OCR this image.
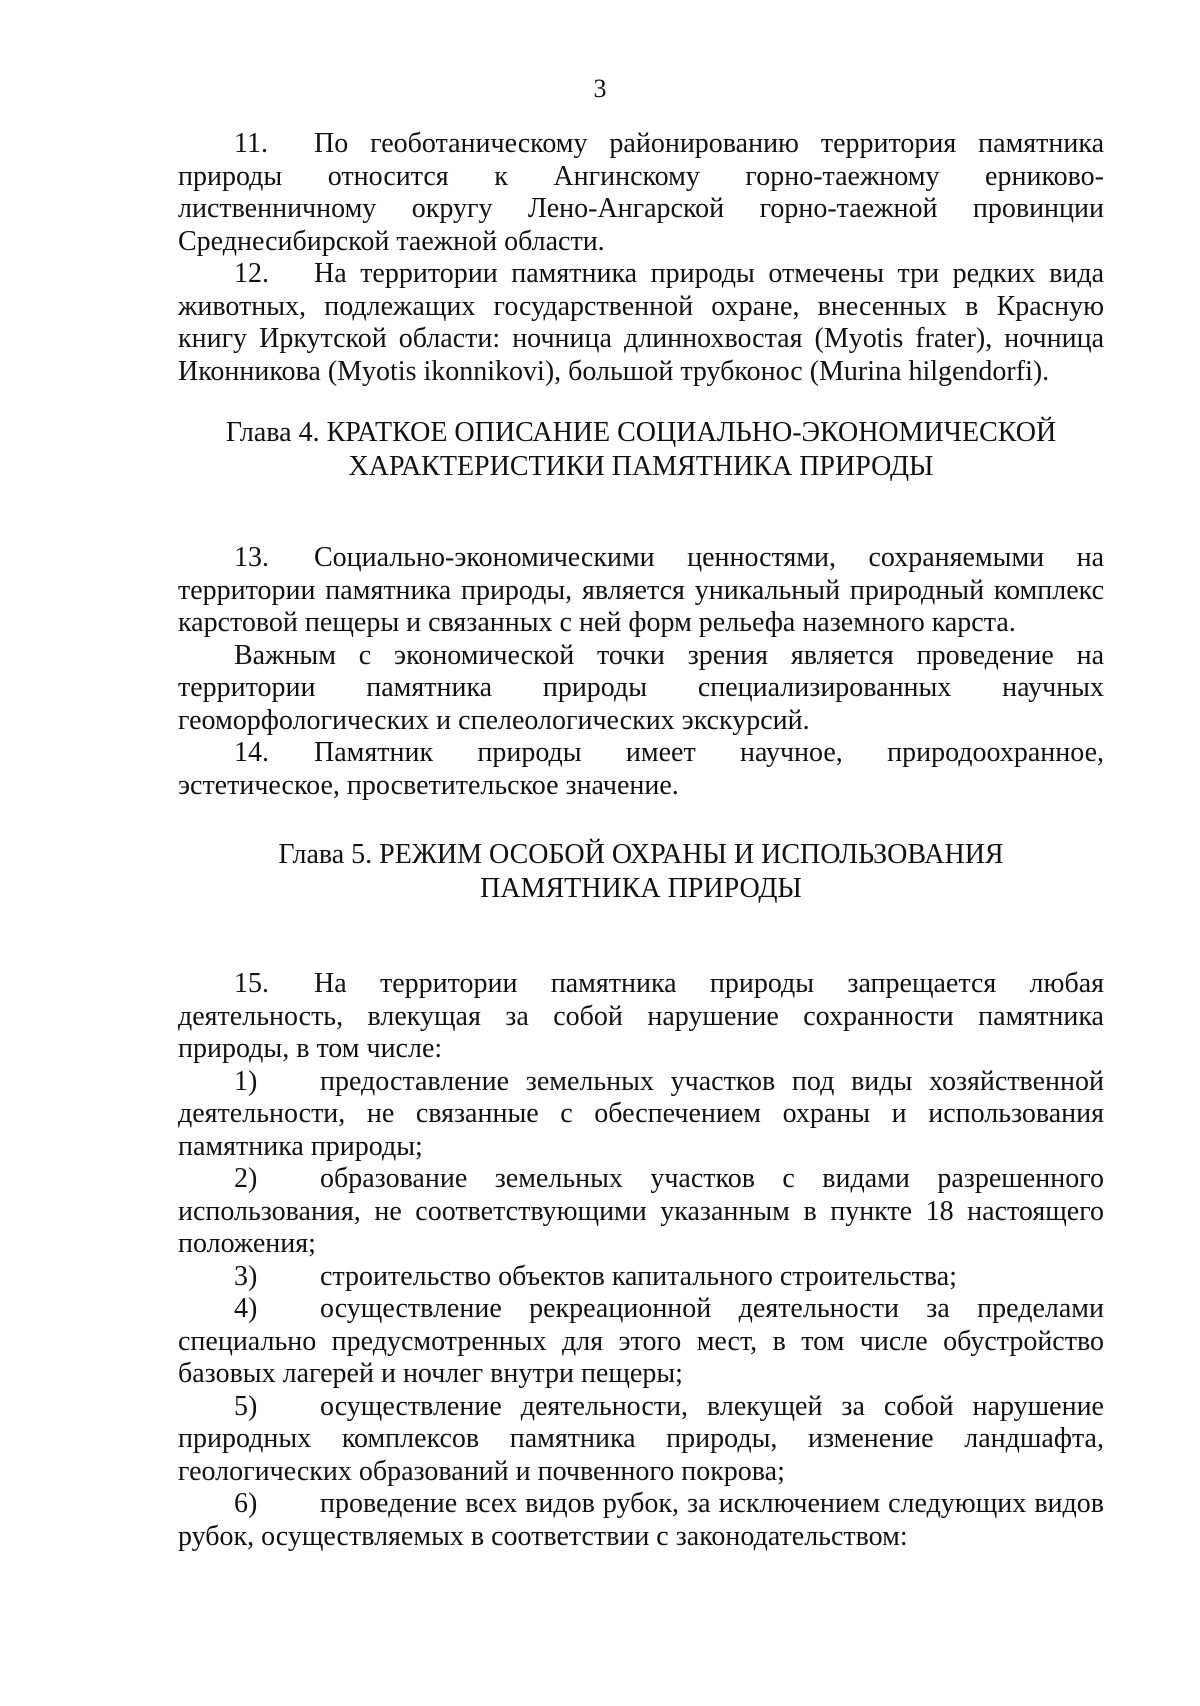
3

11. По геоботаническому районированию территория памятника природы относится к Ангинскому горно-таежному ерниково-лиственничному округу Лено-Ангарской горно-таежной провинции Среднесибирской таежной области.

12. На территории памятника природы отмечены три редких вида животных, подлежащих государственной охране, внесенных в Красную книгу Иркутской области: ночница длиннохвостая (Myotis frater), ночница Иконникова (Myotis ikonnikovi), большой трубконос (Murina hilgendorfi).

Глава 4. КРАТКОЕ ОПИСАНИЕ СОЦИАЛЬНО-ЭКОНОМИЧЕСКОЙ
ХАРАКТЕРИСТИКИ ПАМЯТНИКА ПРИРОДЫ

13. Социально-экономическими ценностями, сохраняемыми на территории памятника природы, является уникальный природный комплекс карстовой пещеры и связанных с ней форм рельефа наземного карста.

Важным с экономической точки зрения является проведение на территории памятника природы специализированных научных геоморфологических и спелеологических экскурсий.

14. Памятник природы имеет научное, природоохранное, эстетическое, просветительское значение.

Глава 5. РЕЖИМ ОСОБОЙ ОХРАНЫ И ИСПОЛЬЗОВАНИЯ
ПАМЯТНИКА ПРИРОДЫ

15. На территории памятника природы запрещается любая деятельность, влекущая за собой нарушение сохранности памятника природы, в том числе:

1) предоставление земельных участков под виды хозяйственной деятельности, не связанные с обеспечением охраны и использования памятника природы;

2) образование земельных участков с видами разрешенного использования, не соответствующими указанным в пункте 18 настоящего положения;

3) строительство объектов капитального строительства;

4) осуществление рекреационной деятельности за пределами специально предусмотренных для этого мест, в том числе обустройство базовых лагерей и ночлег внутри пещеры;

5) осуществление деятельности, влекущей за собой нарушение природных комплексов памятника природы, изменение ландшафта, геологических образований и почвенного покрова;

6) проведение всех видов рубок, за исключением следующих видов рубок, осуществляемых в соответствии с законодательством:
